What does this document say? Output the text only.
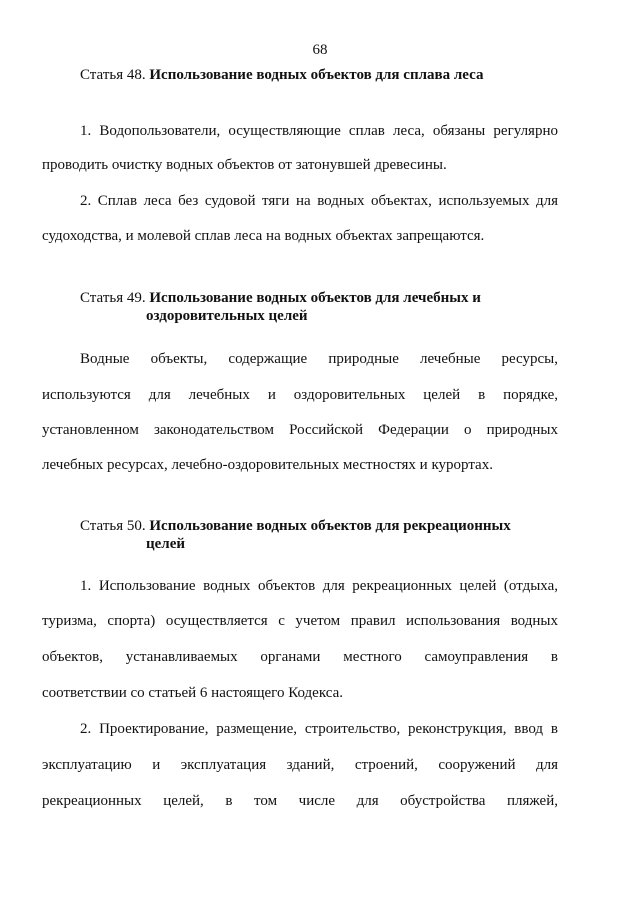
68
Статья 48. Использование водных объектов для сплава леса
1. Водопользователи, осуществляющие сплав леса, обязаны регулярно
проводить очистку водных объектов от затонувшей древесины.
2. Сплав леса без судовой тяги на водных объектах, используемых для
судоходства, и молевой сплав леса на водных объектах запрещаются.
Статья 49. Использование водных объектов для лечебных и
оздоровительных целей
Водные объекты, содержащие природные лечебные ресурсы,
используются для лечебных и оздоровительных целей в порядке,
установленном законодательством Российской Федерации о природных
лечебных ресурсах, лечебно-оздоровительных местностях и курортах.
Статья 50. Использование водных объектов для рекреационных
целей
1. Использование водных объектов для рекреационных целей (отдыха,
туризма, спорта) осуществляется с учетом правил использования водных
объектов, устанавливаемых органами местного самоуправления в
соответствии со статьей 6 настоящего Кодекса.
2. Проектирование, размещение, строительство, реконструкция, ввод в
эксплуатацию и эксплуатация зданий, строений, сооружений для
рекреационных целей, в том числе для обустройства пляжей,
